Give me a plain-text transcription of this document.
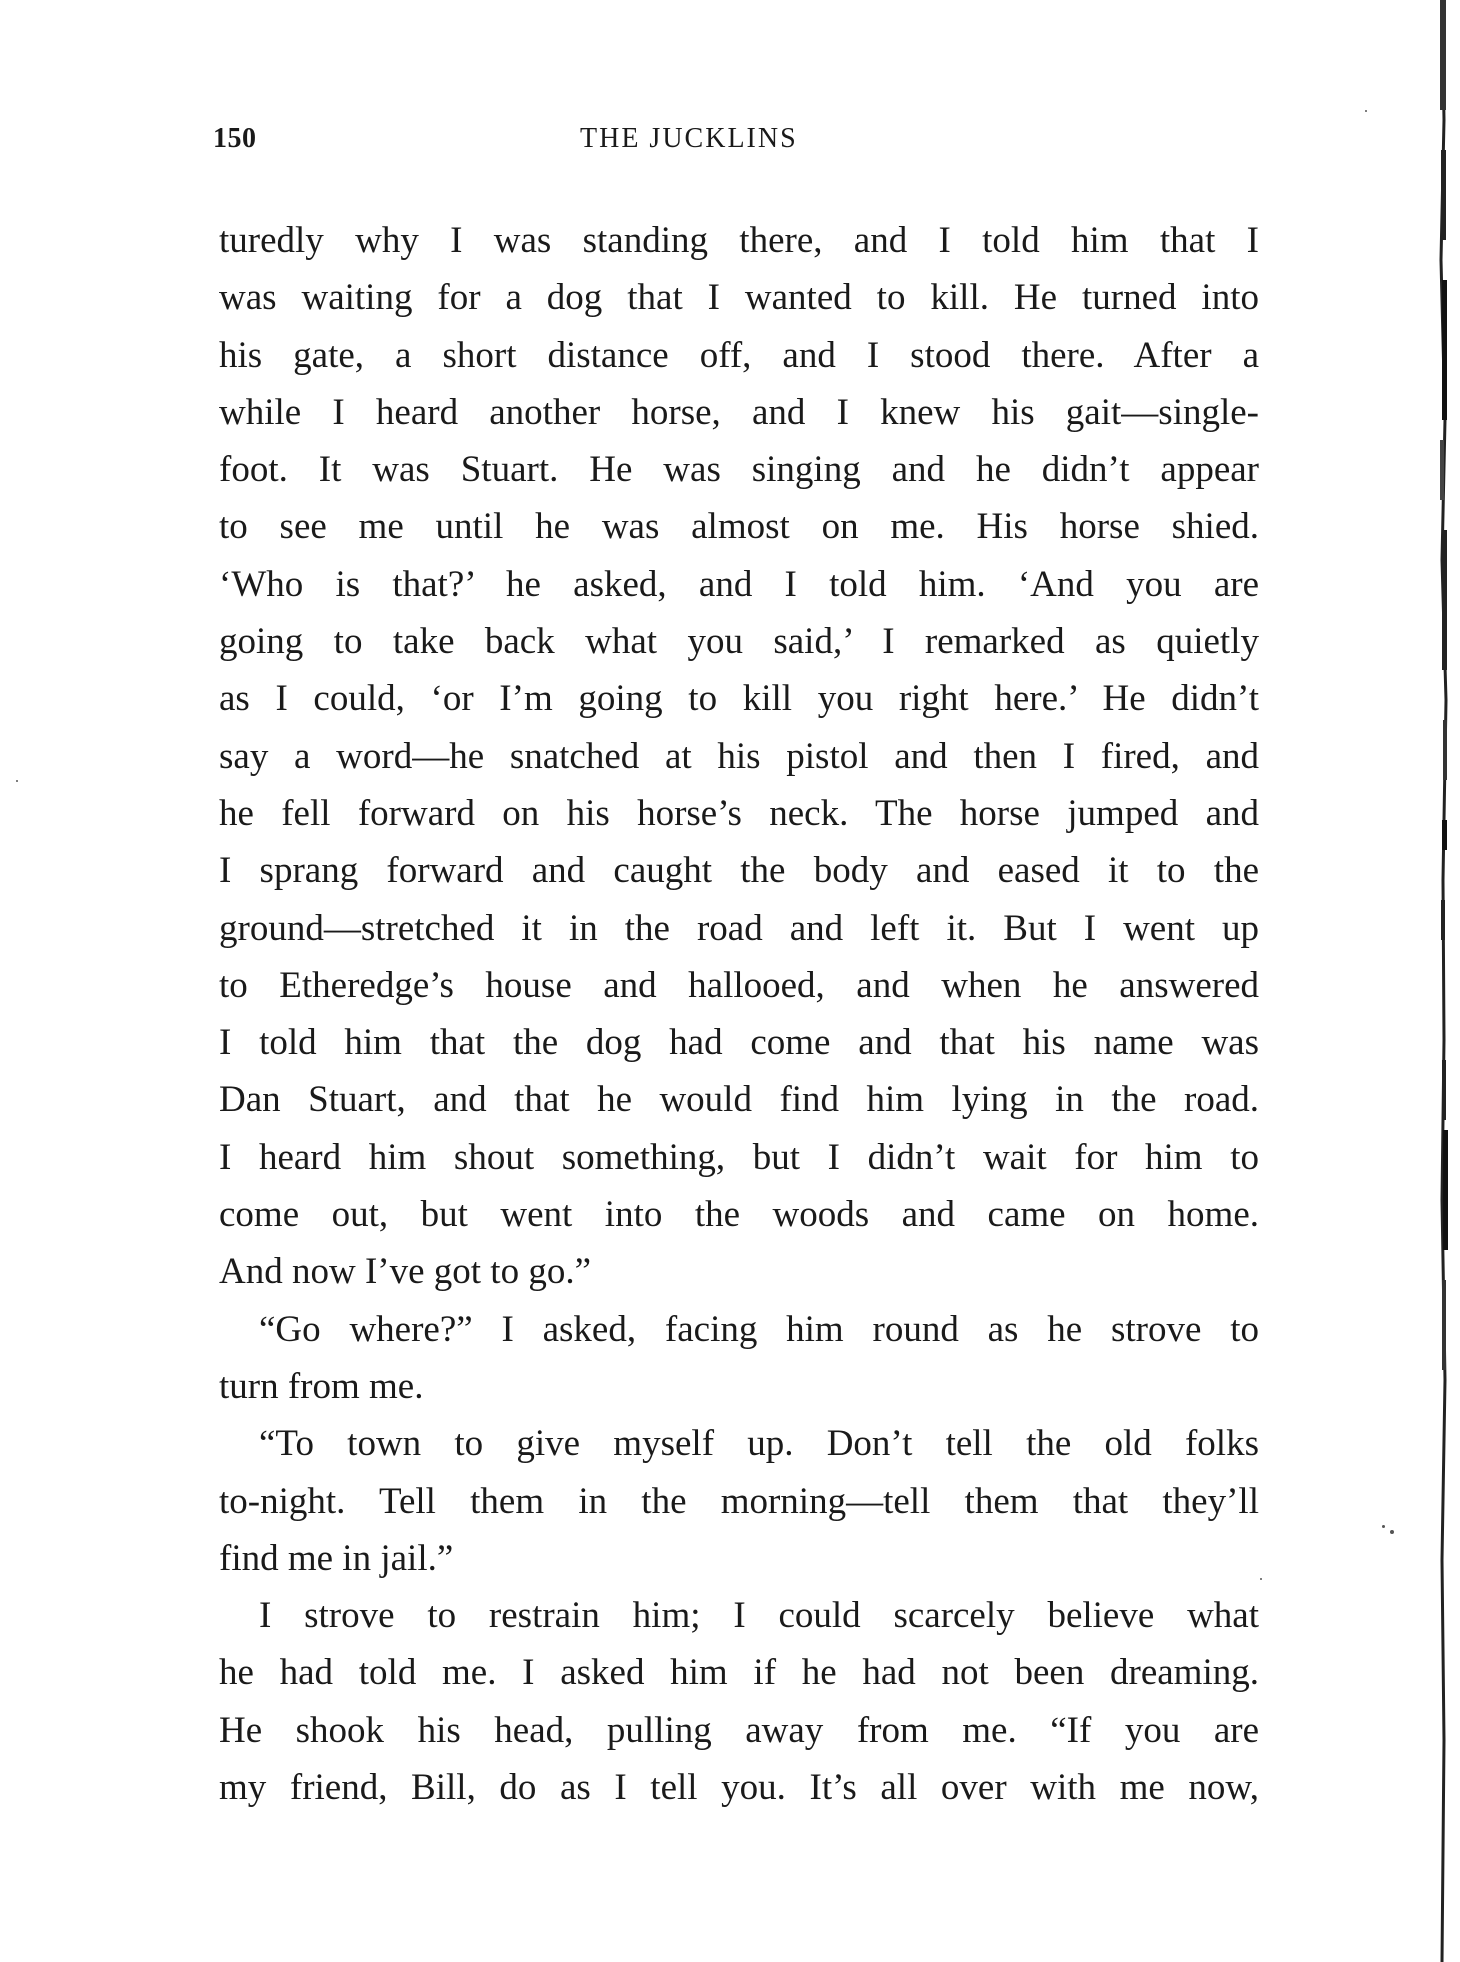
150	THE JUCKLINS
turedly why I was standing there, and I told him that I
was waiting for a dog that I wanted to kill. He turned into
his gate, a short distance off, and I stood there. After a
while I heard another horse, and I knew his gait—single-
foot. It was Stuart. He was singing and he didn’t appear
to see me until he was almost on me. His horse shied.
‘Who is that?’ he asked, and I told him. ‘And you are
going to take back what you said,’ I remarked as quietly
as I could, ‘or I’m going to kill you right here.’ He didn’t
say a word—he snatched at his pistol and then I fired, and
he fell forward on his horse’s neck. The horse jumped and
I sprang forward and caught the body and eased it to the
ground—stretched it in the road and left it. But I went up
to Etheredge’s house and hallooed, and when he answered
I told him that the dog had come and that his name was
Dan Stuart, and that he would find him lying in the road.
I heard him shout something, but I didn’t wait for him to
come out, but went into the woods and came on home.
And now I’ve got to go.”
“Go where?” I asked, facing him round as he strove to
turn from me.
“To town to give myself up. Don’t tell the old folks
to-night. Tell them in the morning—tell them that they’ll
find me in jail.”
I strove to restrain him; I could scarcely believe what
he had told me. I asked him if he had not been dreaming.
He shook his head, pulling away from me. “If you are
my friend, Bill, do as I tell you. It’s all over with me now,
